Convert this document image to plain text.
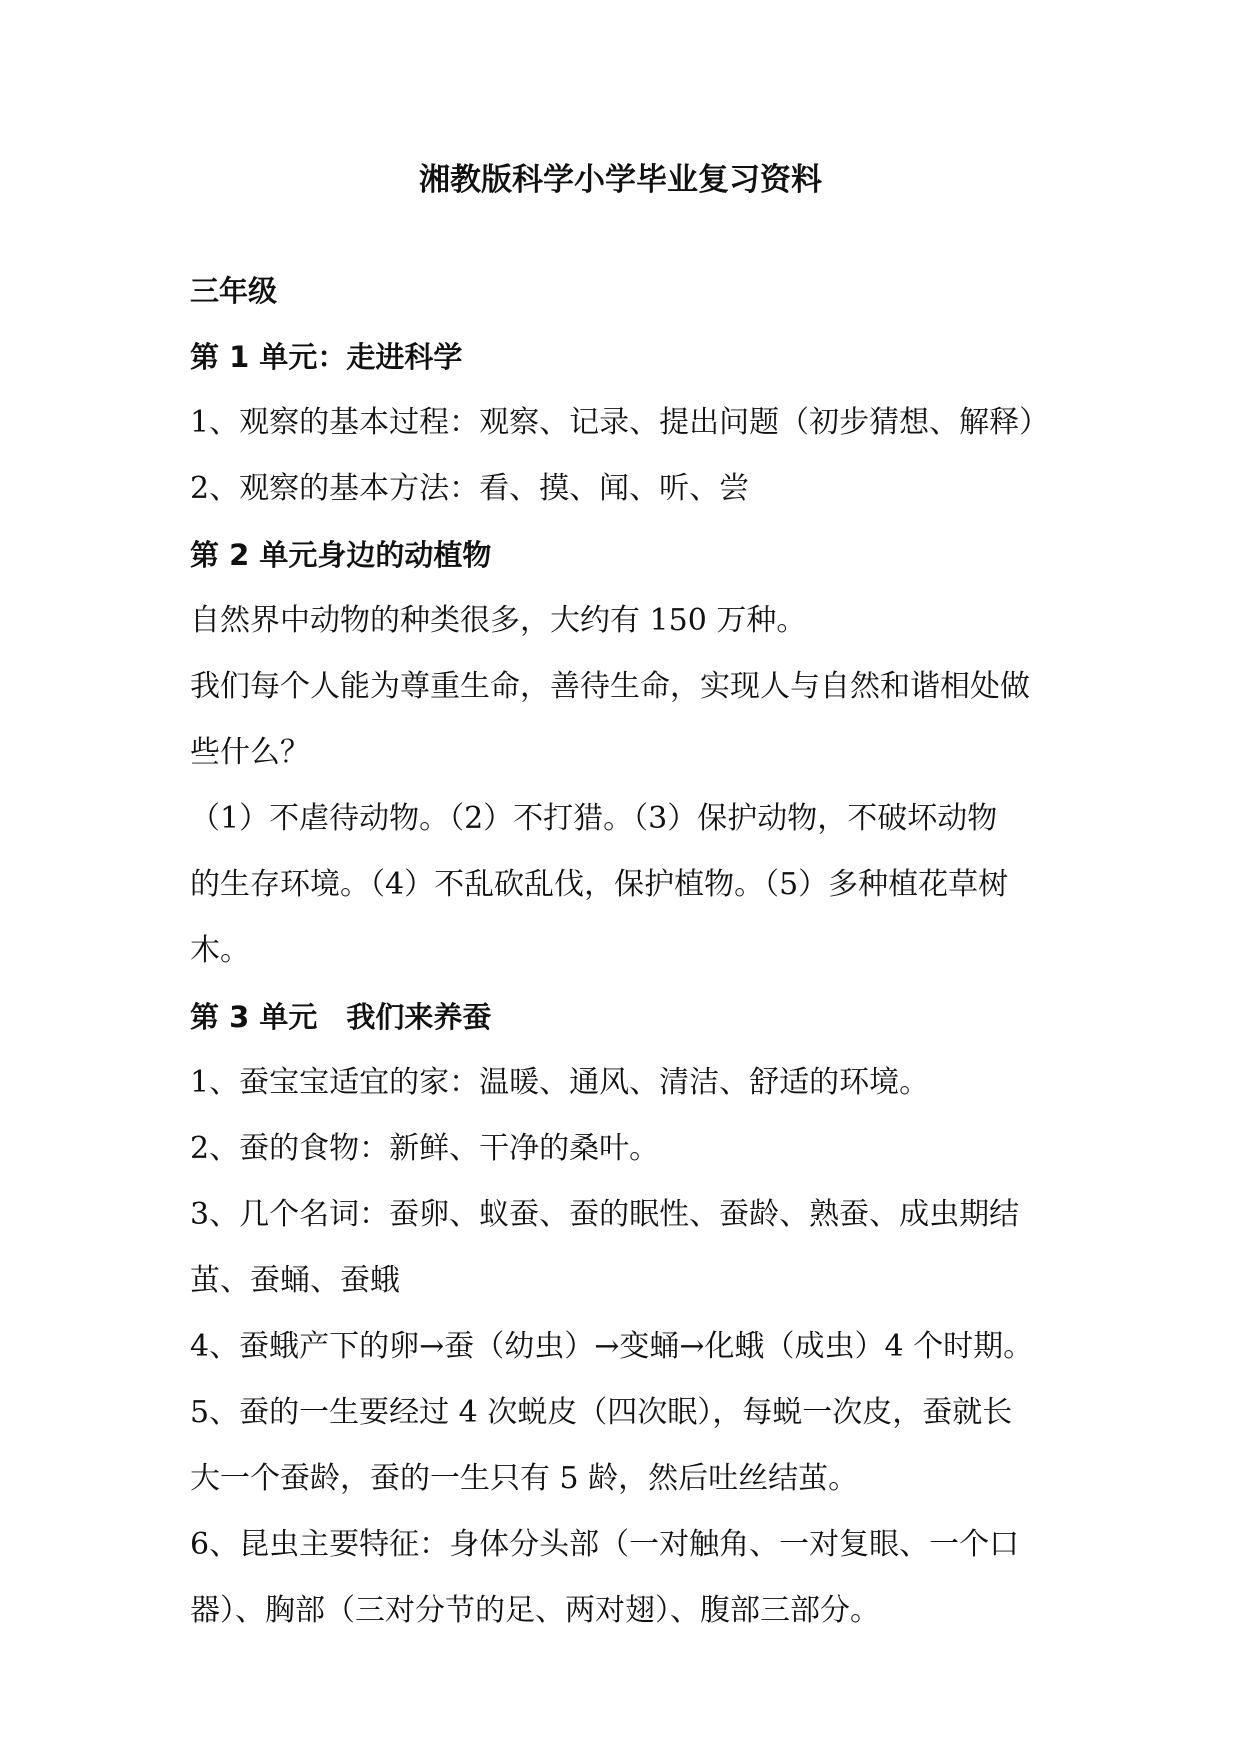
湘教版科学小学毕业复习资料
三年级
第 1 单元：走进科学
1、观察的基本过程：观察、记录、提出问题（初步猜想、解释）
2、观察的基本方法：看、摸、闻、听、尝
第 2 单元身边的动植物
自然界中动物的种类很多，大约有 150 万种。
我们每个人能为尊重生命，善待生命，实现人与自然和谐相处做
些什么？
（1）不虐待动物。（2）不打猎。（3）保护动物，不破坏动物
的生存环境。（4）不乱砍乱伐，保护植物。（5）多种植花草树
木。
第 3 单元　我们来养蚕
1、蚕宝宝适宜的家：温暖、通风、清洁、舒适的环境。
2、蚕的食物：新鲜、干净的桑叶。
3、几个名词：蚕卵、蚁蚕、蚕的眠性、蚕龄、熟蚕、成虫期结
茧、蚕蛹、蚕蛾
4、蚕蛾产下的卵→蚕（幼虫）→变蛹→化蛾（成虫）4 个时期。
5、蚕的一生要经过 4 次蜕皮（四次眠），每蜕一次皮，蚕就长
大一个蚕龄，蚕的一生只有 5 龄，然后吐丝结茧。
6、昆虫主要特征：身体分头部（一对触角、一对复眼、一个口
器）、胸部（三对分节的足、两对翅）、腹部三部分。
